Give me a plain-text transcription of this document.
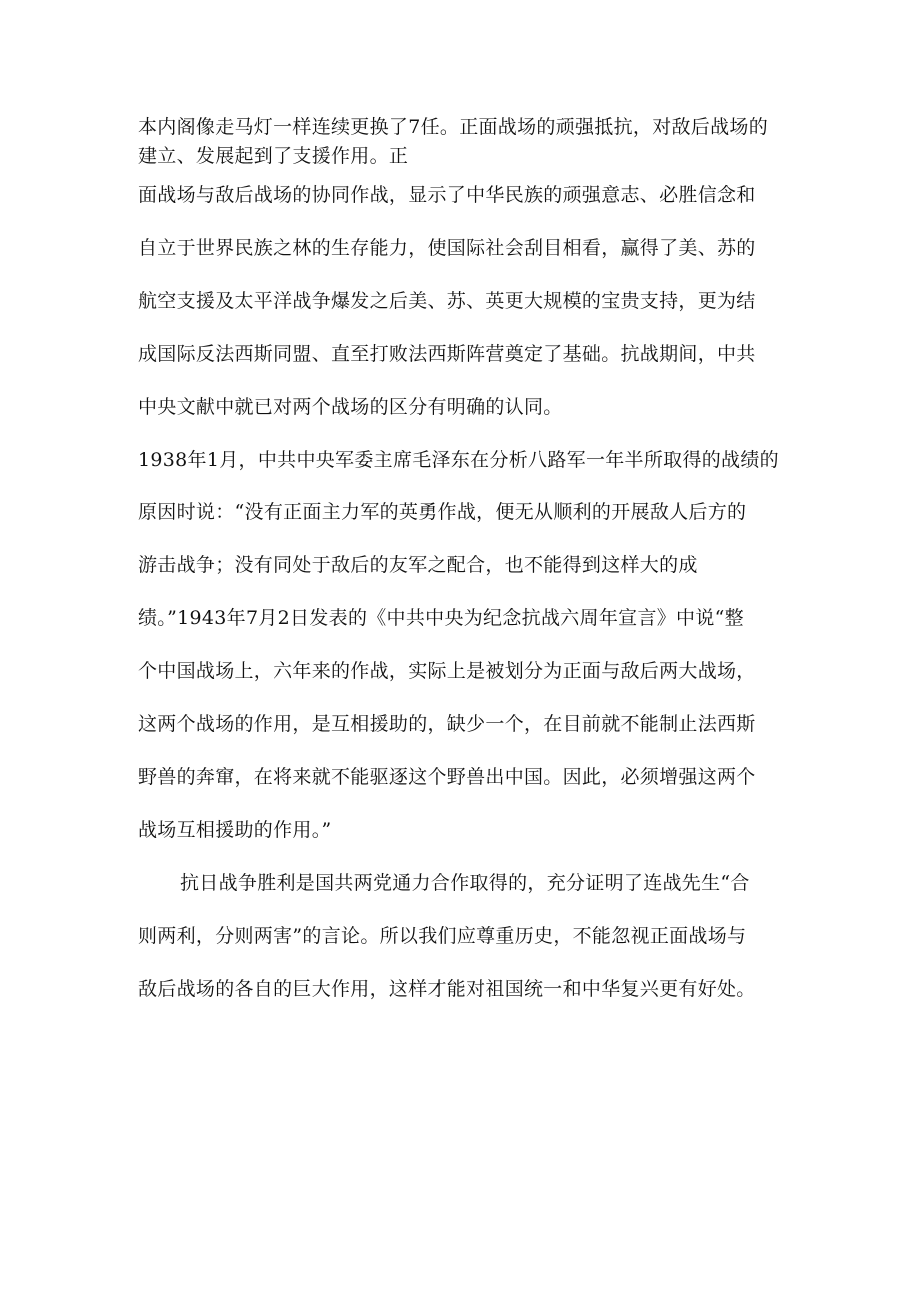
本内阁像走马灯一样连续更换了7任。正面战场的顽强抵抗，对敌后战场的

建立、发展起到了支援作用。正

面战场与敌后战场的协同作战，显示了中华民族的顽强意志、必胜信念和

自立于世界民族之林的生存能力，使国际社会刮目相看，赢得了美、苏的

航空支援及太平洋战争爆发之后美、苏、英更大规模的宝贵支持，更为结

成国际反法西斯同盟、直至打败法西斯阵营奠定了基础。抗战期间，中共

中央文献中就已对两个战场的区分有明确的认同。

1938年1月，中共中央军委主席毛泽东在分析八路军一年半所取得的战绩的

原因时说：“没有正面主力军的英勇作战，便无从顺利的开展敌人后方的

游击战争；没有同处于敌后的友军之配合，也不能得到这样大的成

绩。”1943年7月2日发表的《中共中央为纪念抗战六周年宣言》中说“整

个中国战场上，六年来的作战，实际上是被划分为正面与敌后两大战场，

这两个战场的作用，是互相援助的，缺少一个，在目前就不能制止法西斯

野兽的奔窜，在将来就不能驱逐这个野兽出中国。因此，必须增强这两个

战场互相援助的作用。”

抗日战争胜利是国共两党通力合作取得的，充分证明了连战先生“合

则两利，分则两害”的言论。所以我们应尊重历史，不能忽视正面战场与

敌后战场的各自的巨大作用，这样才能对祖国统一和中华复兴更有好处。
